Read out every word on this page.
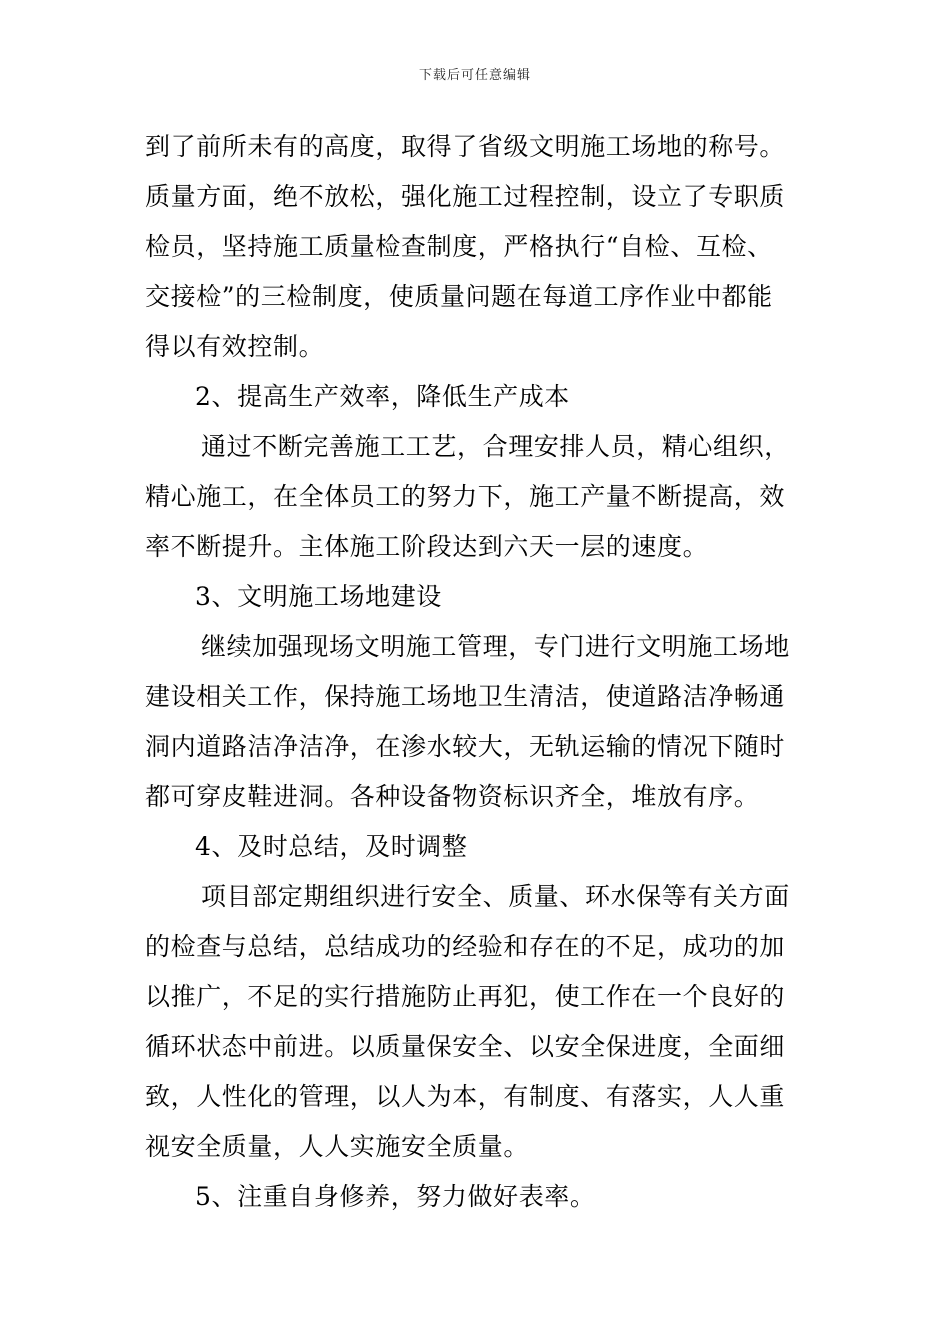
下载后可任意编辑
到了前所未有的高度，取得了省级文明施工场地的称号。
质量方面，绝不放松，强化施工过程控制，设立了专职质
检员，坚持施工质量检查制度，严格执行“自检、互检、
交接检”的三检制度，使质量问题在每道工序作业中都能
得以有效控制。
2、提高生产效率，降低生产成本
通过不断完善施工工艺，合理安排人员，精心组织，
精心施工，在全体员工的努力下，施工产量不断提高，效
率不断提升。主体施工阶段达到六天一层的速度。
3、文明施工场地建设
继续加强现场文明施工管理，专门进行文明施工场地
建设相关工作，保持施工场地卫生清洁，使道路洁净畅通
洞内道路洁净洁净，在渗水较大，无轨运输的情况下随时
都可穿皮鞋进洞。各种设备物资标识齐全，堆放有序。
4、及时总结，及时调整
项目部定期组织进行安全、质量、环水保等有关方面
的检查与总结，总结成功的经验和存在的不足，成功的加
以推广，不足的实行措施防止再犯，使工作在一个良好的
循环状态中前进。以质量保安全、以安全保进度，全面细
致，人性化的管理，以人为本，有制度、有落实，人人重
视安全质量，人人实施安全质量。
5、注重自身修养，努力做好表率。
